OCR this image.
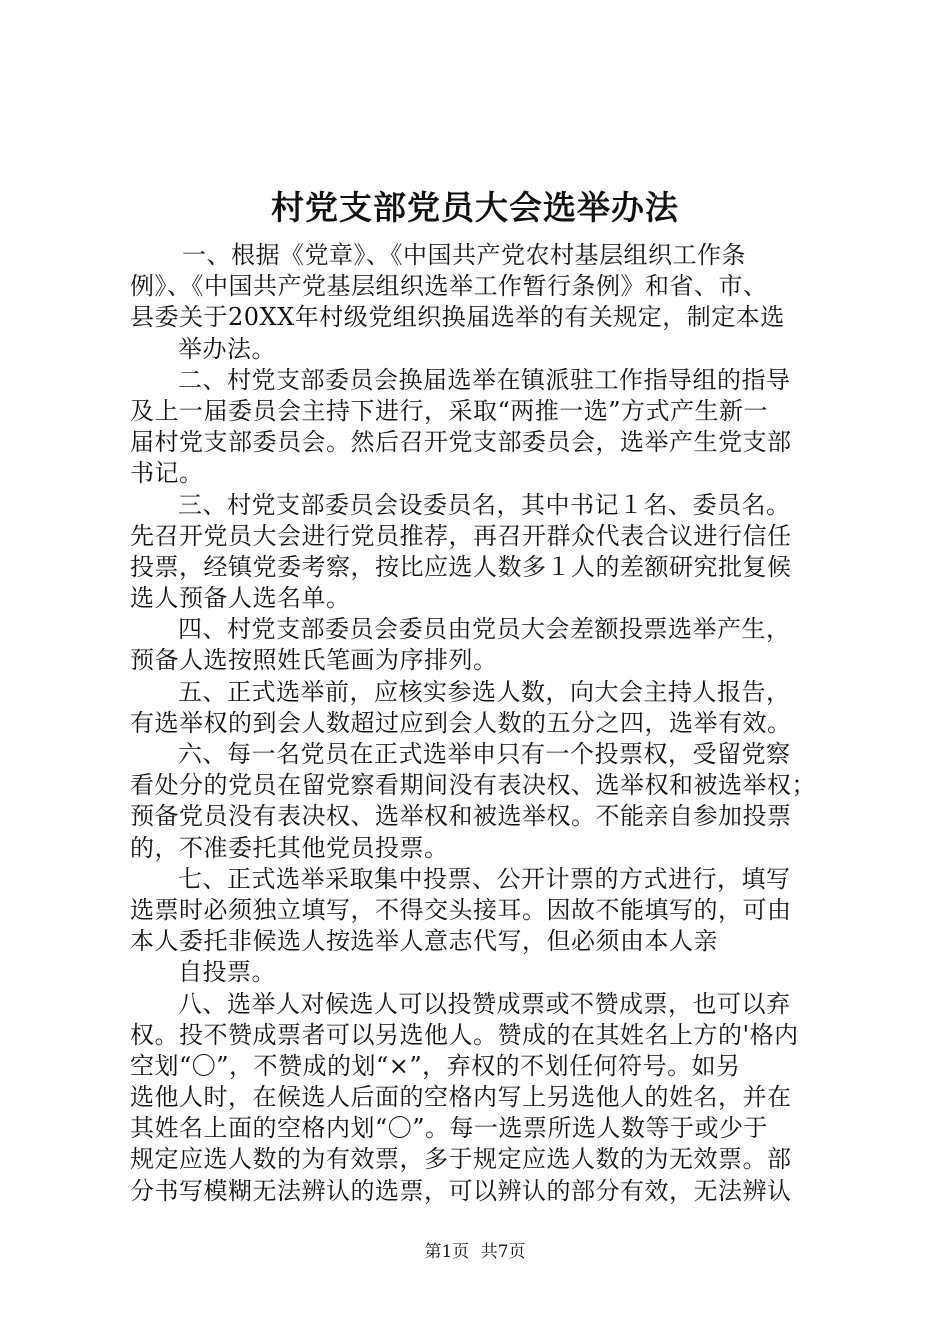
村党支部党员大会选举办法
一、根据《党章》、《中国共产党农村基层组织工作条
例》、《中国共产党基层组织选举工作暂行条例》和省、市、
县委关于20XX年村级党组织换届选举的有关规定，制定本选
举办法。
二、村党支部委员会换届选举在镇派驻工作指导组的指导
及上一届委员会主持下进行，采取“两推一选”方式产生新一
届村党支部委员会。然后召开党支部委员会，选举产生党支部
书记。
三、村党支部委员会设委员名，其中书记１名、委员名。
先召开党员大会进行党员推荐，再召开群众代表合议进行信任
投票，经镇党委考察，按比应选人数多１人的差额研究批复候
选人预备人选名单。
四、村党支部委员会委员由党员大会差额投票选举产生，
预备人选按照姓氏笔画为序排列。
五、正式选举前，应核实参选人数，向大会主持人报告，
有选举权的到会人数超过应到会人数的五分之四，选举有效。
六、每一名党员在正式选举申只有一个投票权，受留党察
看处分的党员在留党察看期间没有表决权、选举权和被选举权；
预备党员没有表决权、选举权和被选举权。不能亲自参加投票
的，不准委托其他党员投票。
七、正式选举采取集中投票、公开计票的方式进行，填写
选票时必须独立填写，不得交头接耳。因故不能填写的，可由
本人委托非候选人按选举人意志代写，但必须由本人亲
自投票。
八、选举人对候选人可以投赞成票或不赞成票，也可以弃
权。投不赞成票者可以另选他人。赞成的在其姓名上方的'格内
空划“〇”，不赞成的划“×”，弃权的不划任何符号。如另
选他人时，在候选人后面的空格内写上另选他人的姓名，并在
其姓名上面的空格内划“〇”。每一选票所选人数等于或少于
规定应选人数的为有效票，多于规定应选人数的为无效票。部
分书写模糊无法辨认的选票，可以辨认的部分有效，无法辨认
第1页 共7页
